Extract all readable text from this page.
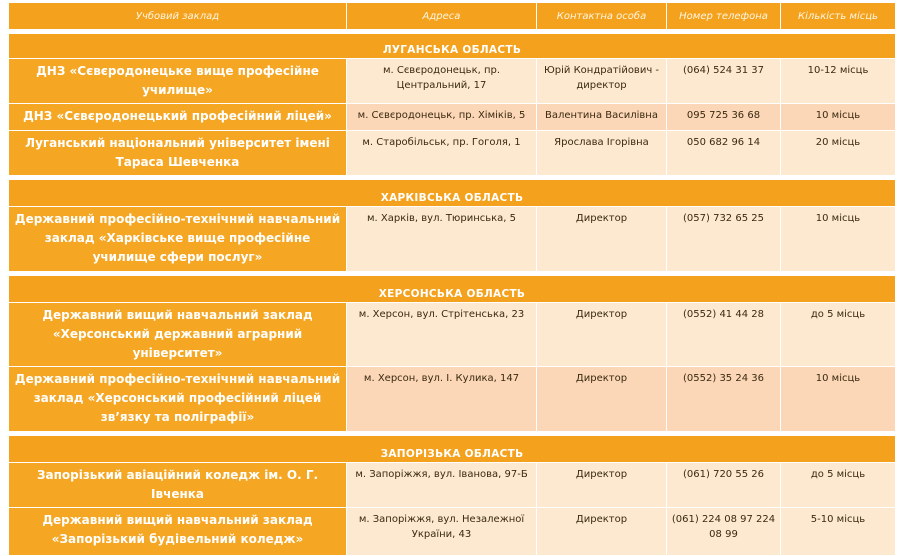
Учбовий заклад	Адреса	Контактна особа	Номер телефона	Кількість місць

ЛУГАНСЬКА ОБЛАСТЬ				
ДНЗ «Сєвєродонецьке вище професійне училище»	м. Сєвєродонецьк, пр. Центральний, 17	Юрій Кондратійович - директор	(064) 524 31 37	10-12 місць
ДНЗ «Сєвєродонецький професійний ліцей»	м. Сєвєродонецьк, пр. Хіміків, 5	Валентина Василівна	095 725 36 68	10 місць
Луганський національний університет імені Тараса Шевченка	м. Старобільськ, пр. Гоголя, 1	Ярослава Ігорівна	050 682 96 14	20 місць

ХАРКІВСЬКА ОБЛАСТЬ				
Державний професійно-технічний навчальний заклад «Харківське вище професійне училище сфери послуг»	м. Харків, вул. Тюринська, 5	Директор	(057) 732 65 25	10 місць

ХЕРСОНСЬКА ОБЛАСТЬ				
Державний вищий навчальний заклад «Херсонський державний аграрний університет»	м. Херсон, вул. Стрітенська, 23	Директор	(0552) 41 44 28	до 5 місць
Державний професійно-технічний навчальний заклад «Херсонський професійний ліцей зв’язку та поліграфії»	м. Херсон, вул. І. Кулика, 147	Директор	(0552) 35 24 36	10 місць

ЗАПОРІЗЬКА ОБЛАСТЬ				
Запорізький авіаційний коледж ім. О. Г. Івченка	м. Запоріжжя, вул. Іванова, 97-Б	Директор	(061) 720 55 26	до 5 місць
Державний вищий навчальний заклад «Запорізький будівельний коледж»	м. Запоріжжя, вул. Незалежної України, 43	Директор	(061) 224 08 97 224 08 99	5-10 місць
